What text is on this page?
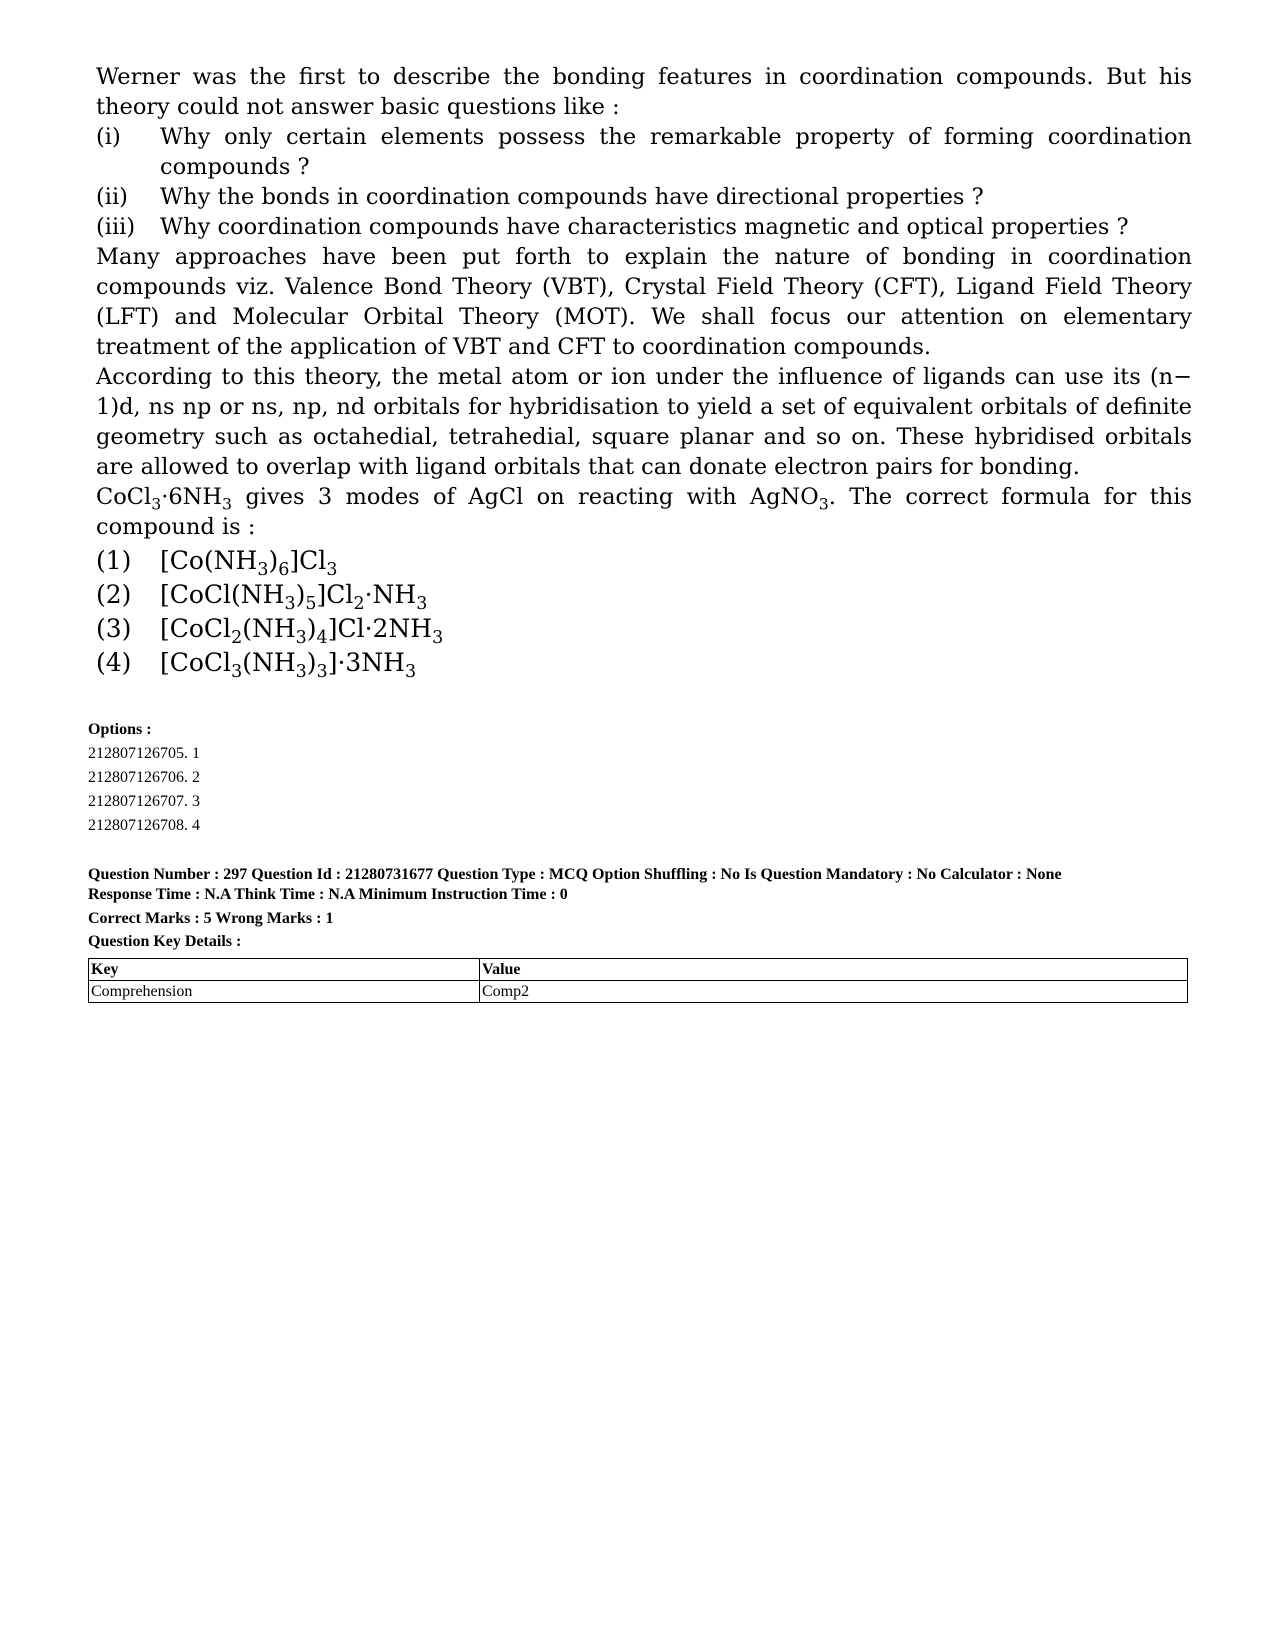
Werner was the first to describe the bonding features in coordination compounds. But his theory could not answer basic questions like :

(i)	Why only certain elements possess the remarkable property of forming coordination compounds ?
(ii)	Why the bonds in coordination compounds have directional properties ?
(iii)	Why coordination compounds have characteristics magnetic and optical properties ?

Many approaches have been put forth to explain the nature of bonding in coordination compounds viz. Valence Bond Theory (VBT), Crystal Field Theory (CFT), Ligand Field Theory (LFT) and Molecular Orbital Theory (MOT). We shall focus our attention on elementary treatment of the application of VBT and CFT to coordination compounds.

According to this theory, the metal atom or ion under the influence of ligands can use its (n− 1)d, ns np or ns, np, nd orbitals for hybridisation to yield a set of equivalent orbitals of definite geometry such as octahedial, tetrahedial, square planar and so on. These hybridised orbitals are allowed to overlap with ligand orbitals that can donate electron pairs for bonding.

$CoCl_3\cdot 6NH_3$ gives 3 modes of AgCl on reacting with AgNO$_3$. The correct formula for this compound is :

(1)	$[Co(NH_3)_6]Cl_3$
(2)	$[CoCl(NH_3)_5]Cl_2\cdot NH_3$
(3)	$[CoCl_2(NH_3)_4]Cl\cdot 2NH_3$
(4)	$[CoCl_3(NH_3)_3]\cdot 3NH_3$
Options :
212807126705. 1
212807126706. 2
212807126707. 3
212807126708. 4
Question Number : 297 Question Id : 21280731677 Question Type : MCQ Option Shuffling : No Is Question Mandatory : No Calculator : None
Response Time : N.A Think Time : N.A Minimum Instruction Time : 0
Correct Marks : 5 Wrong Marks : 1
Question Key Details :
Key	Value
Comprehension	Comp2
